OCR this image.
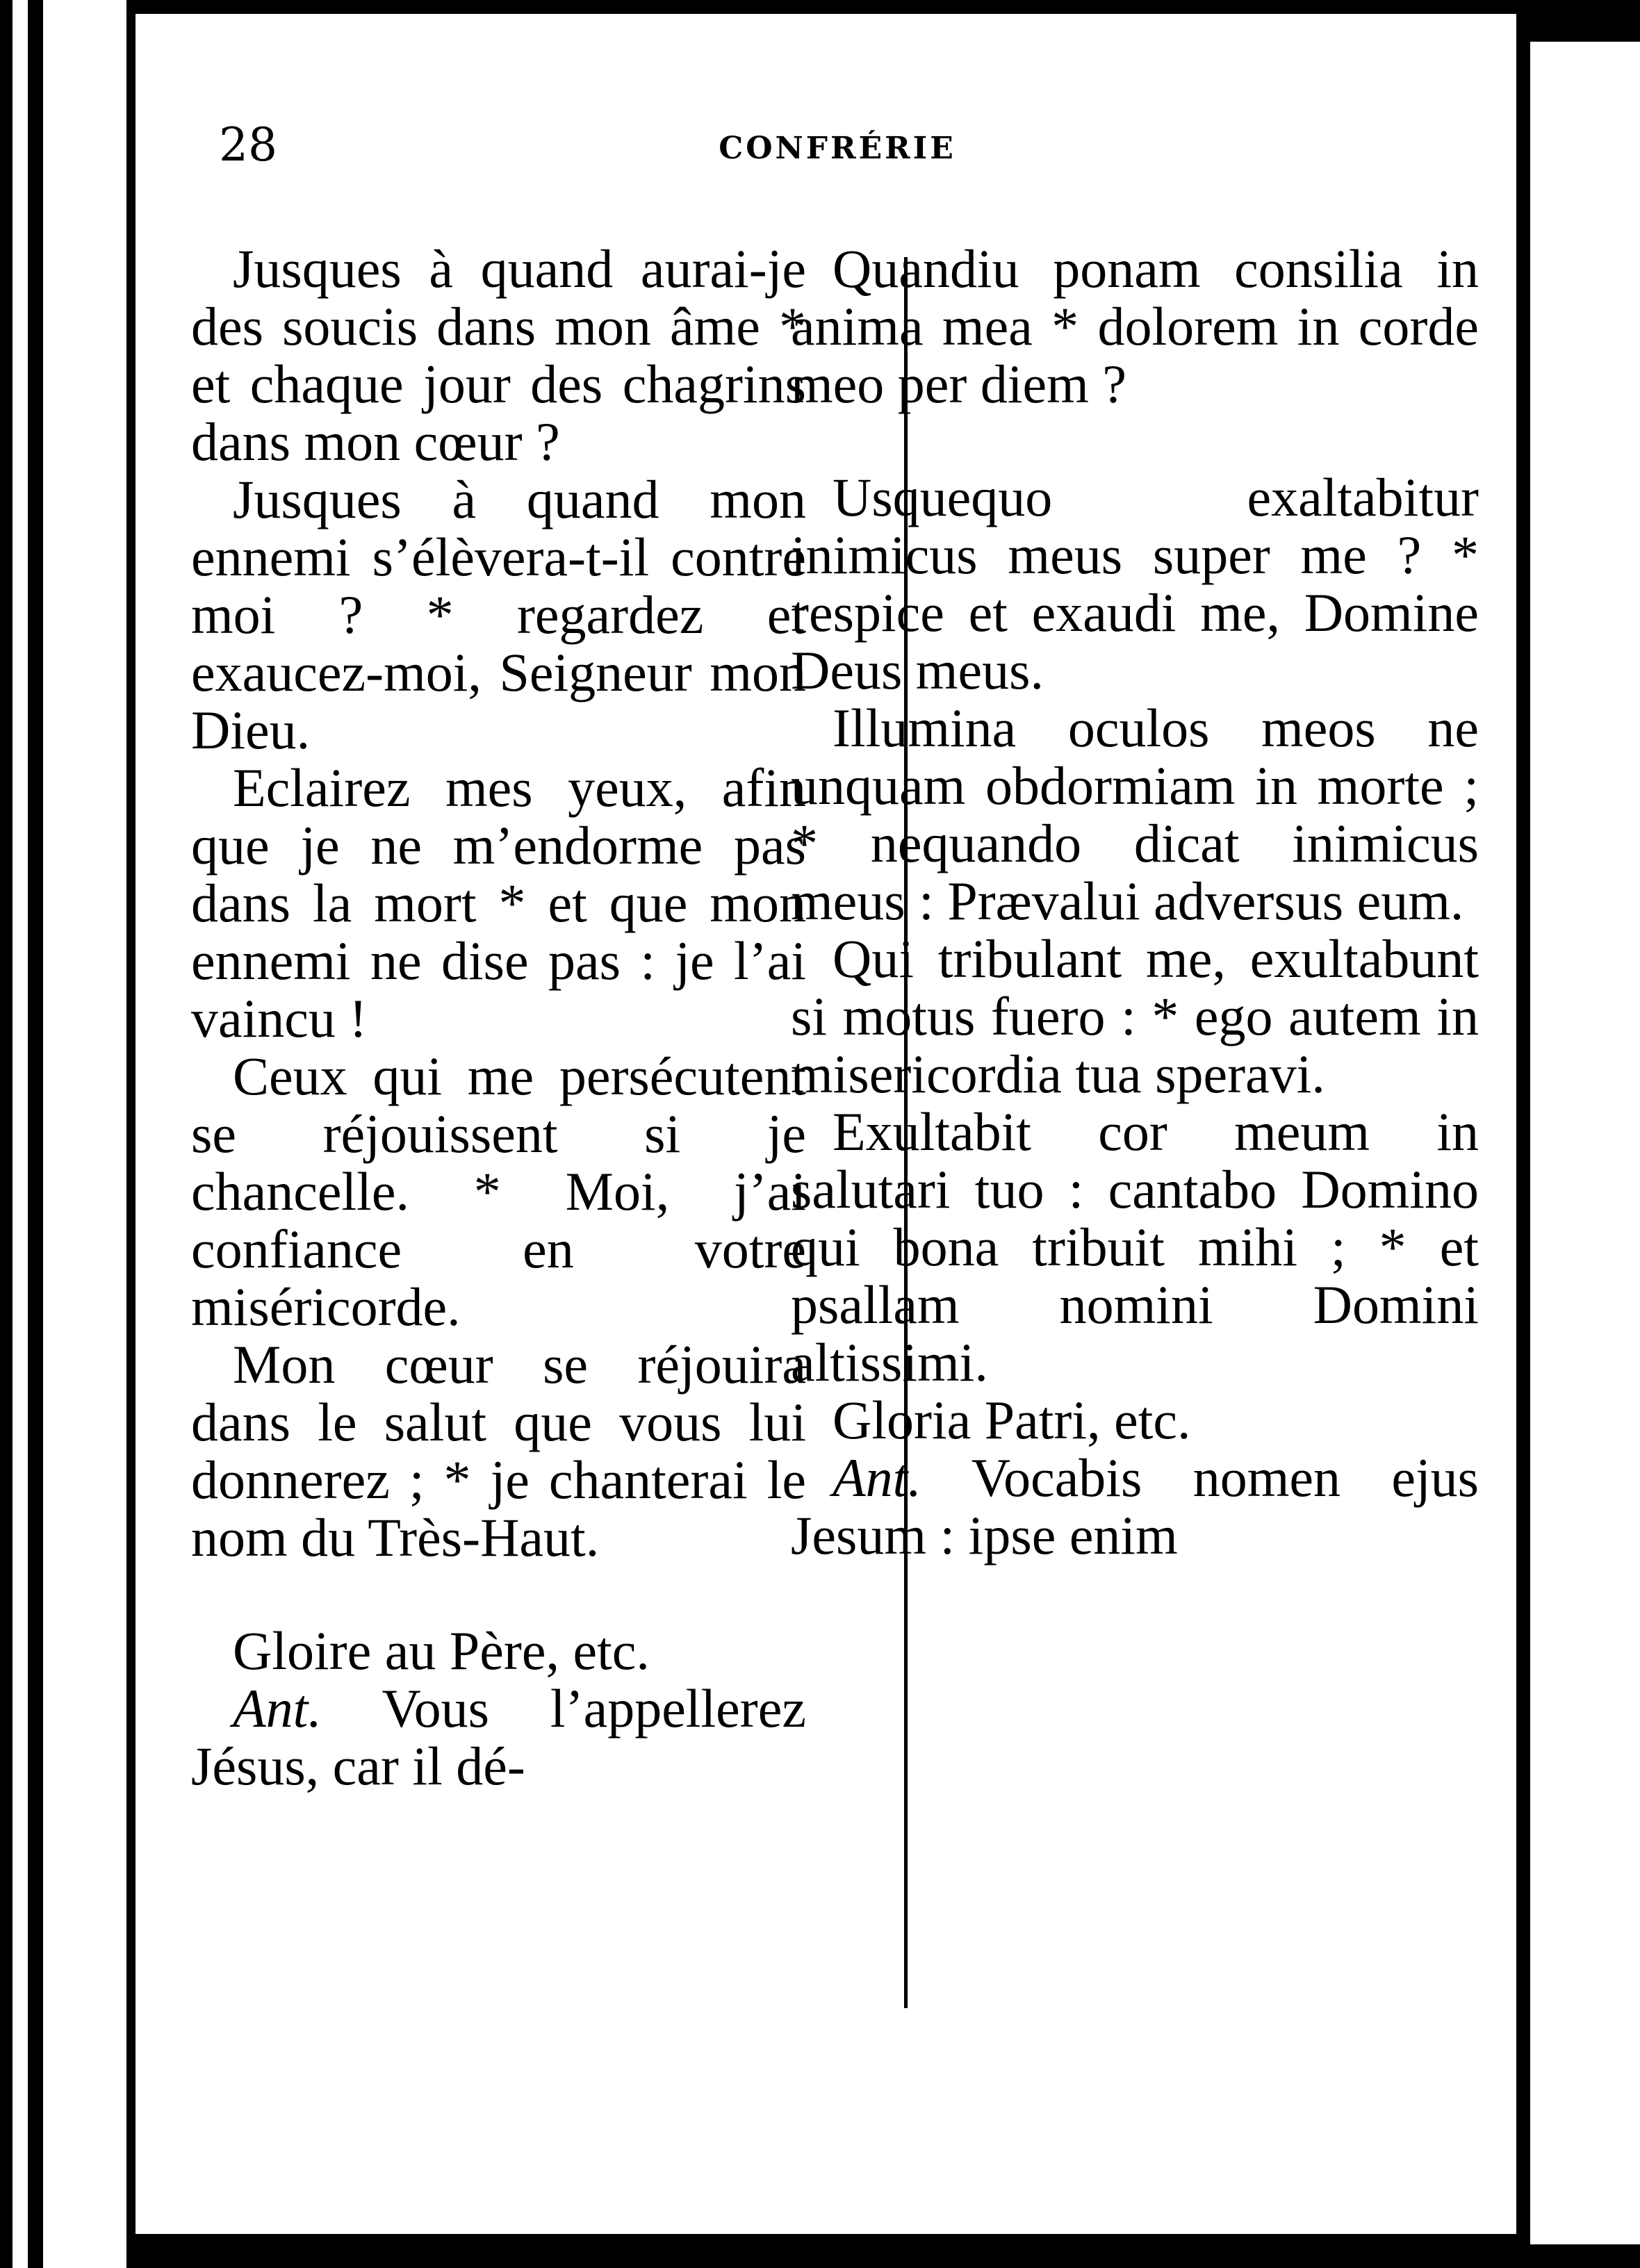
28	CONFRÉRIE

Jusques à quand aurai-je des soucis dans mon âme * et chaque jour des chagrins dans mon cœur ?

Jusques à quand mon ennemi s’élèvera-t-il contre moi ? * regardez et exaucez-moi, Seigneur mon Dieu.

Eclairez mes yeux, afin que je ne m’endorme pas dans la mort * et que mon ennemi ne dise pas : je l’ai vaincu !

Ceux qui me persécutent se réjouissent si je chancelle. * Moi, j’ai confiance en votre miséricorde.

Mon cœur se réjouira dans le salut que vous lui donnerez ; * je chanterai le nom du Très-Haut.

Gloire au Père, etc.

Ant. Vous l’appellerez Jésus, car il dé-

Quandiu ponam consilia in anima mea * dolorem in corde meo per diem ?

Usquequo exaltabitur inimicus meus super me ? * respice et exaudi me, Domine Deus meus.

Illumina oculos meos ne unquam obdormiam in morte ; * nequando dicat inimicus meus : Prævalui adversus eum.

Qui tribulant me, exultabunt si motus fuero : * ego autem in misericordia tua speravi.

Exultabit cor meum in salutari tuo : cantabo Domino qui bona tribuit mihi ; * et psallam nomini Domini altissimi.

Gloria Patri, etc.

Ant. Vocabis nomen ejus Jesum : ipse enim
